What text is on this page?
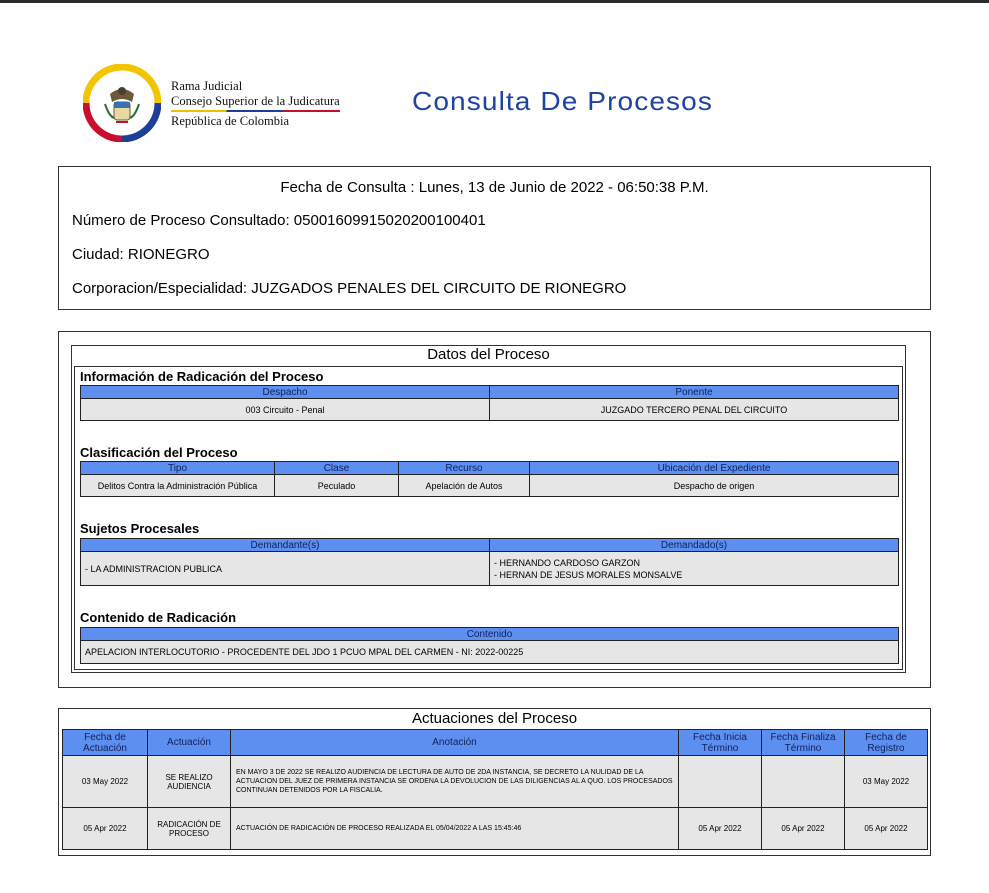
Rama Judicial
Consejo Superior de la Judicatura
República de Colombia
Consulta De Procesos
Fecha de Consulta : Lunes, 13 de Junio de 2022 - 06:50:38 P.M.
Número de Proceso Consultado: 05001609915020200100401
Ciudad: RIONEGRO
Corporacion/Especialidad: JUZGADOS PENALES DEL CIRCUITO DE RIONEGRO
Datos del Proceso
Información de Radicación del Proceso
Despacho	Ponente
003 Circuito - Penal	JUZGADO TERCERO PENAL DEL CIRCUITO
Clasificación del Proceso
Tipo	Clase	Recurso	Ubicación del Expediente
Delitos Contra la Administración Pública	Peculado	Apelación de Autos	Despacho de origen
Sujetos Procesales
Demandante(s)	Demandado(s)
- LA ADMINISTRACION PUBLICA	- HERNANDO CARDOSO GARZON
- HERNAN DE JESUS MORALES MONSALVE
Contenido de Radicación
Contenido
APELACION INTERLOCUTORIO - PROCEDENTE DEL JDO 1 PCUO MPAL DEL CARMEN - NI: 2022-00225
Actuaciones del Proceso
Fecha de Actuación	Actuación	Anotación	Fecha Inicia Término	Fecha Finaliza Término	Fecha de Registro
03 May 2022	SE REALIZO AUDIENCIA	EN MAYO 3 DE 2022 SE REALIZO AUDIENCIA DE LECTURA DE AUTO DE 2DA INSTANCIA, SE DECRETO LA NULIDAD DE LA ACTUACION DEL JUEZ DE PRIMERA INSTANCIA SE ORDENA LA DEVOLUCION DE LAS DILIGENCIAS AL A QUO. LOS PROCESADOS CONTINUAN DETENIDOS POR LA FISCALIA.			03 May 2022
05 Apr 2022	RADICACIÓN DE PROCESO	ACTUACIÓN DE RADICACIÓN DE PROCESO REALIZADA EL 05/04/2022 A LAS 15:45:46	05 Apr 2022	05 Apr 2022	05 Apr 2022
